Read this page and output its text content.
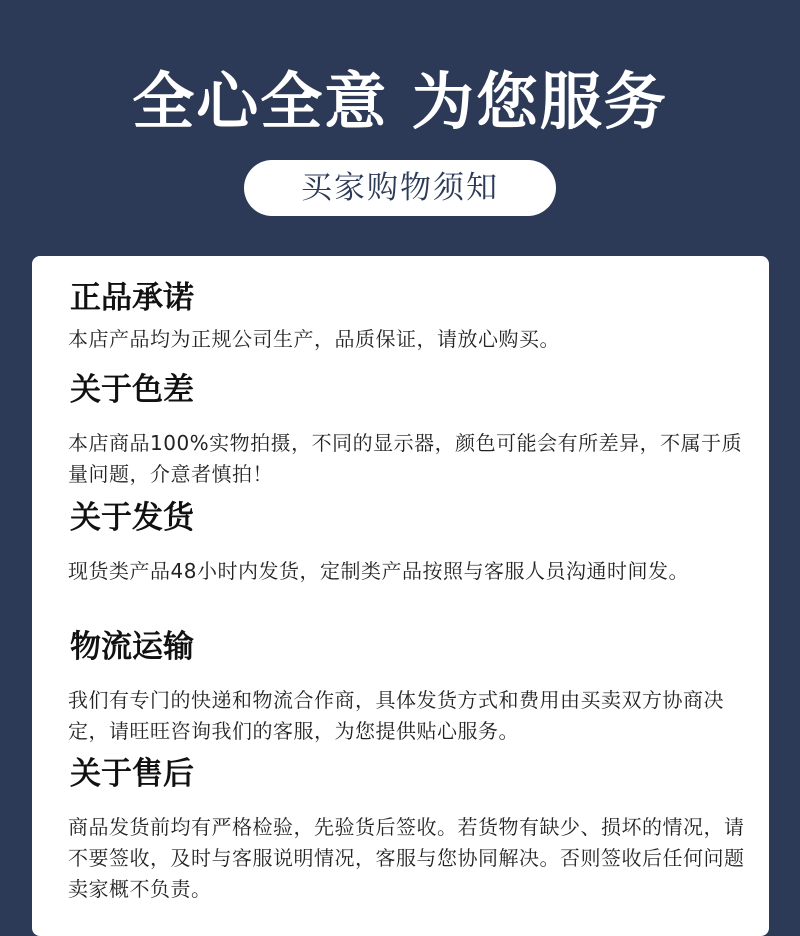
全心全意 为您服务
买家购物须知
正品承诺

本店产品均为正规公司生产，品质保证，请放心购买。

关于色差

本店商品100%实物拍摄，不同的显示器，颜色可能会有所差异，不属于质量问题，介意者慎拍！

关于发货

现货类产品48小时内发货，定制类产品按照与客服人员沟通时间发。

物流运输

我们有专门的快递和物流合作商，具体发货方式和费用由买卖双方协商决定，请旺旺咨询我们的客服，为您提供贴心服务。

关于售后

商品发货前均有严格检验，先验货后签收。若货物有缺少、损坏的情况，请不要签收，及时与客服说明情况，客服与您协同解决。否则签收后任何问题卖家概不负责。
